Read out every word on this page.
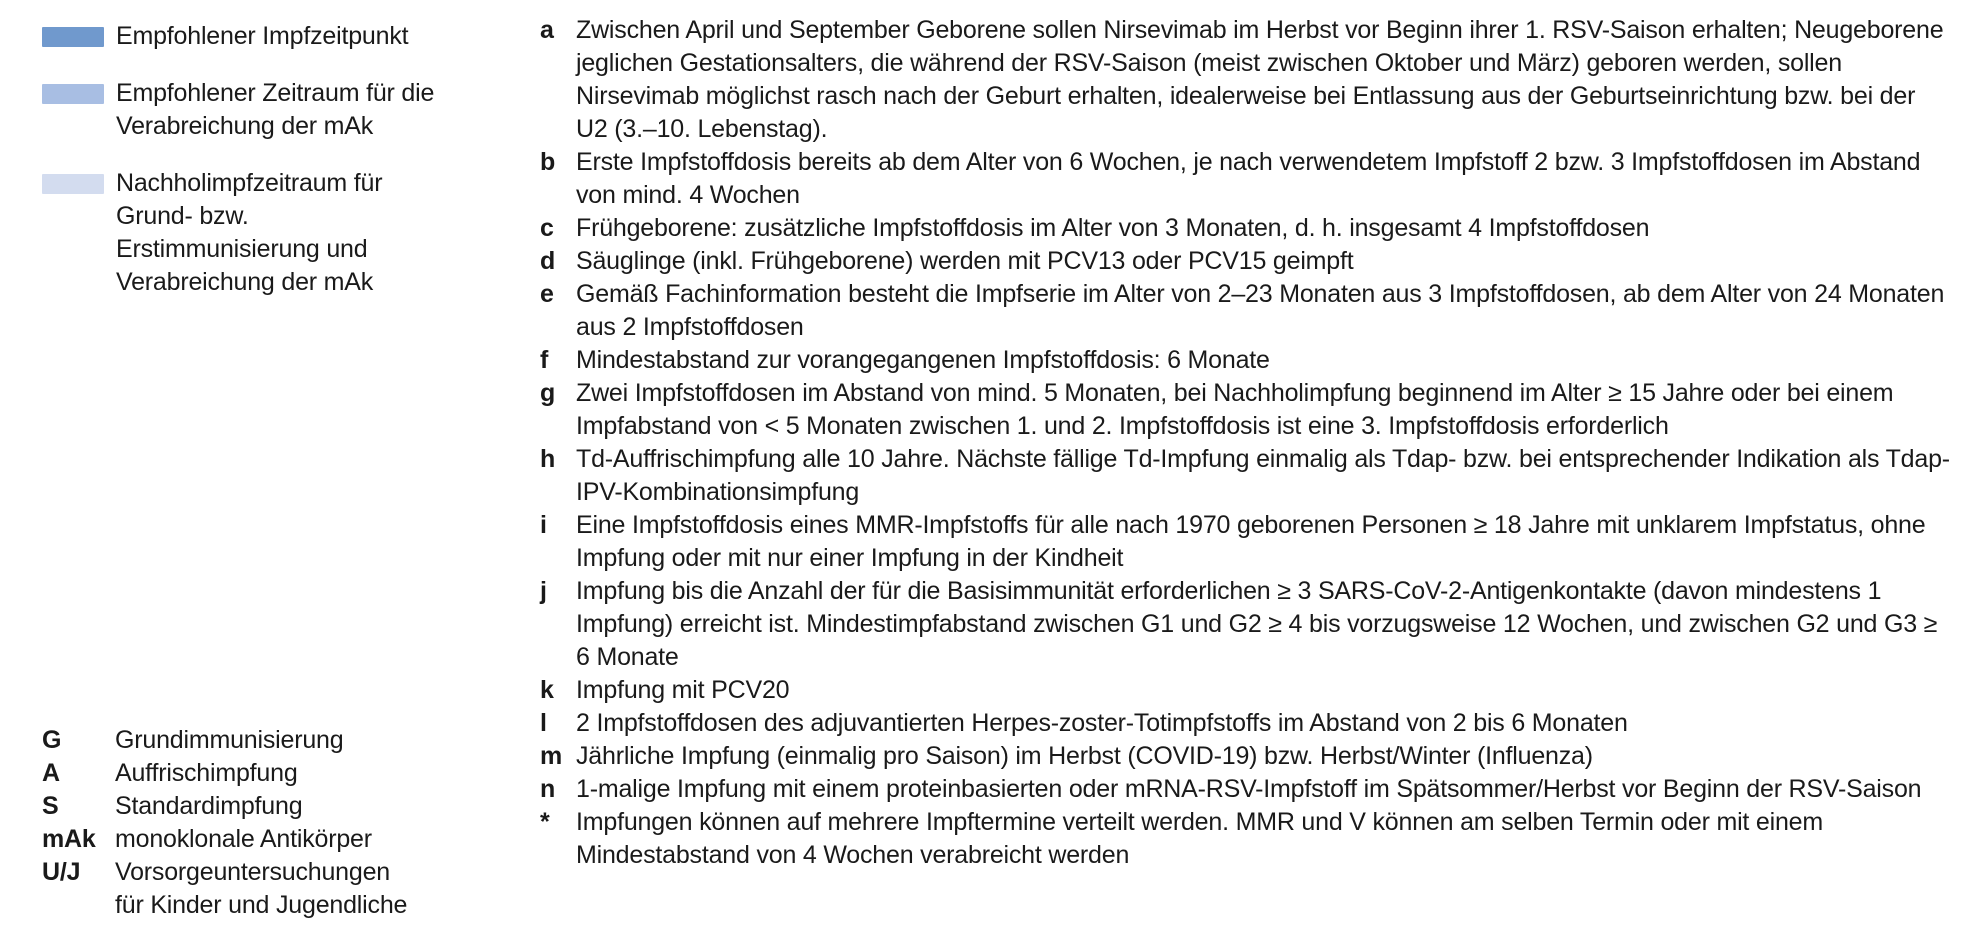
Empfohlener Impfzeitpunkt
Empfohlener Zeitraum für die Verabreichung der mAk
Nachholimpfzeitraum für Grund- bzw. Erstimmunisierung und Verabreichung der mAk
G	Grundimmunisierung
A	Auffrischimpfung
S	Standardimpfung
mAk monoklonale Antikörper
U/J	Vorsorgeuntersuchungen für Kinder und Jugendliche
a Zwischen April und September Geborene sollen Nirsevimab im Herbst vor Beginn ihrer 1. RSV-Saison erhalten; Neugeborene jeglichen Gestationsalters, die während der RSV-Saison (meist zwischen Oktober und März) geboren werden, sollen Nirsevimab möglichst rasch nach der Geburt erhalten, idealerweise bei Entlassung aus der Geburtseinrichtung bzw. bei der U2 (3.–10. Lebenstag).
b Erste Impfstoffdosis bereits ab dem Alter von 6 Wochen, je nach verwendetem Impfstoff 2 bzw. 3 Impfstoffdosen im Abstand von mind. 4 Wochen
c Frühgeborene: zusätzliche Impfstoffdosis im Alter von 3 Monaten, d. h. insgesamt 4 Impfstoffdosen
d Säuglinge (inkl. Frühgeborene) werden mit PCV13 oder PCV15 geimpft
e Gemäß Fachinformation besteht die Impfserie im Alter von 2–23 Monaten aus 3 Impfstoffdosen, ab dem Alter von 24 Monaten aus 2 Impfstoffdosen
f	Mindestabstand zur vorangegangenen Impfstoffdosis: 6 Monate
g Zwei Impfstoffdosen im Abstand von mind. 5 Monaten, bei Nachholimpfung beginnend im Alter ≥ 15 Jahre oder bei einem Impfabstand von < 5 Monaten zwischen 1. und 2. Impfstoffdosis ist eine 3. Impfstoffdosis erforderlich
h Td-Auffrischimpfung alle 10 Jahre. Nächste fällige Td-Impfung einmalig als Tdap- bzw. bei entsprechender Indikation als Tdap-IPV-Kombinationsimpfung
i	Eine Impfstoffdosis eines MMR-Impfstoffs für alle nach 1970 geborenen Personen ≥ 18 Jahre mit unklarem Impfstatus, ohne Impfung oder mit nur einer Impfung in der Kindheit
j	Impfung bis die Anzahl der für die Basisimmunität erforderlichen ≥ 3 SARS-CoV-2-Antigenkontakte (davon mindestens 1 Impfung) erreicht ist. Mindestimpfabstand zwischen G1 und G2 ≥ 4 bis vorzugsweise 12 Wochen, und zwischen G2 und G3 ≥ 6 Monate
k Impfung mit PCV20
l	2 Impfstoffdosen des adjuvantierten Herpes-zoster-Totimpfstoffs im Abstand von 2 bis 6 Monaten
m Jährliche Impfung (einmalig pro Saison) im Herbst (COVID-19) bzw. Herbst/Winter (Influenza)
n 1-malige Impfung mit einem proteinbasierten oder mRNA-RSV-Impfstoff im Spätsommer/Herbst vor Beginn der RSV-Saison
*	Impfungen können auf mehrere Impftermine verteilt werden. MMR und V können am selben Termin oder mit einem Mindestabstand von 4 Wochen verabreicht werden
